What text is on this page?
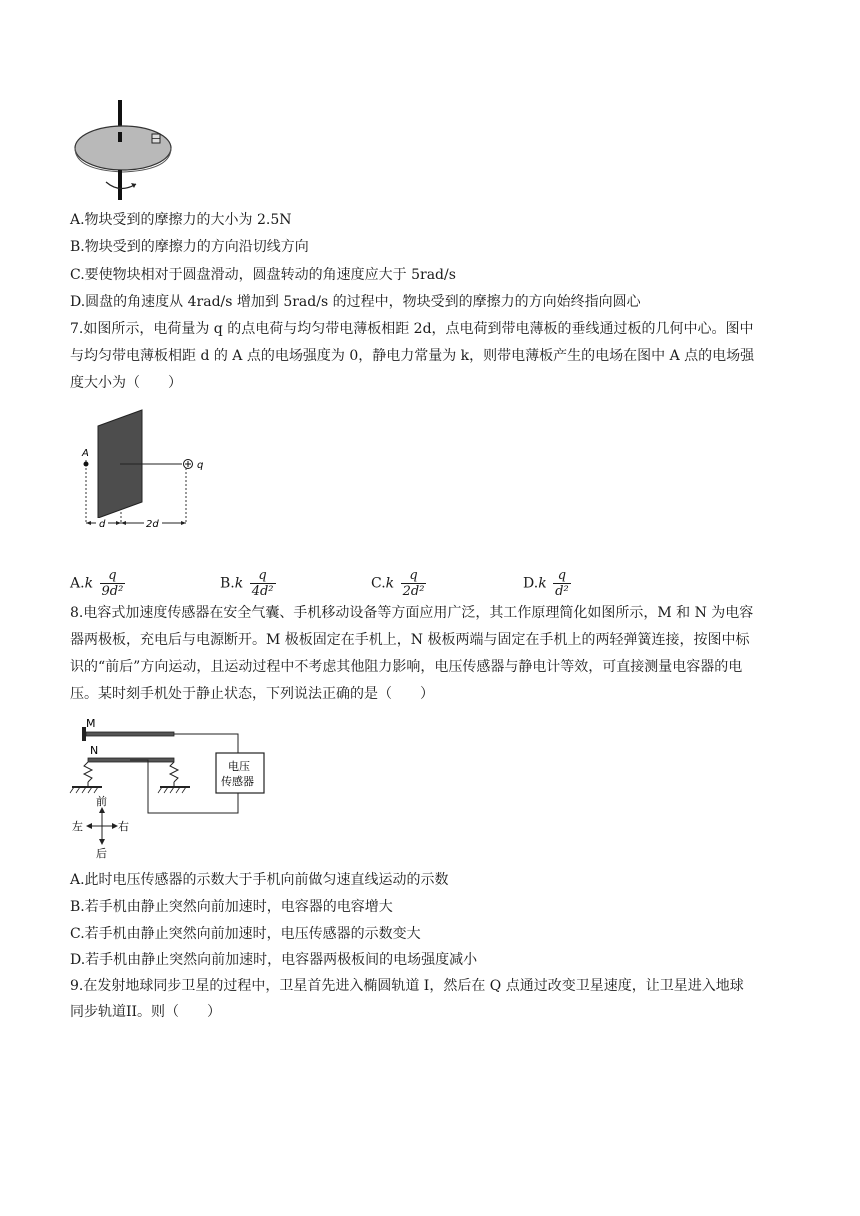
A.物块受到的摩擦力的大小为 2.5N
B.物块受到的摩擦力的方向沿切线方向
C.要使物块相对于圆盘滑动，圆盘转动的角速度应大于 5rad/s
D.圆盘的角速度从 4rad/s 增加到 5rad/s 的过程中，物块受到的摩擦力的方向始终指向圆心
7.如图所示，电荷量为 q 的点电荷与均匀带电薄板相距 2d，点电荷到带电薄板的垂线通过板的几何中心。图中
与均匀带电薄板相距 d 的 A 点的电场强度为 0，静电力常量为 k，则带电薄板产生的电场在图中 A 点的电场强
度大小为（　　）
A
q
d	2d
$A.k \frac{q}{\text{9d²}}$	$B.k \frac{q}{\text{4d²}}$	$C.k \frac{q}{\text{2d²}}$	$D.k \frac{q}{\text{d²}}$
8.电容式加速度传感器在安全气囊、手机移动设备等方面应用广泛，其工作原理简化如图所示，M 和 N 为电容
器两极板，充电后与电源断开。M 极板固定在手机上，N 极板两端与固定在手机上的两轻弹簧连接，按图中标
识的“前后”方向运动，且运动过程中不考虑其他阻力影响，电压传感器与静电计等效，可直接测量电容器的电
压。某时刻手机处于静止状态，下列说法正确的是（　　）
M
N
电压
传感器
前
后
左	右
A.此时电压传感器的示数大于手机向前做匀速直线运动的示数
B.若手机由静止突然向前加速时，电容器的电容增大
C.若手机由静止突然向前加速时，电压传感器的示数变大
D.若手机由静止突然向前加速时，电容器两极板间的电场强度减小
9.在发射地球同步卫星的过程中，卫星首先进入椭圆轨道 I，然后在 Q 点通过改变卫星速度，让卫星进入地球
同步轨道II。则（　　）
